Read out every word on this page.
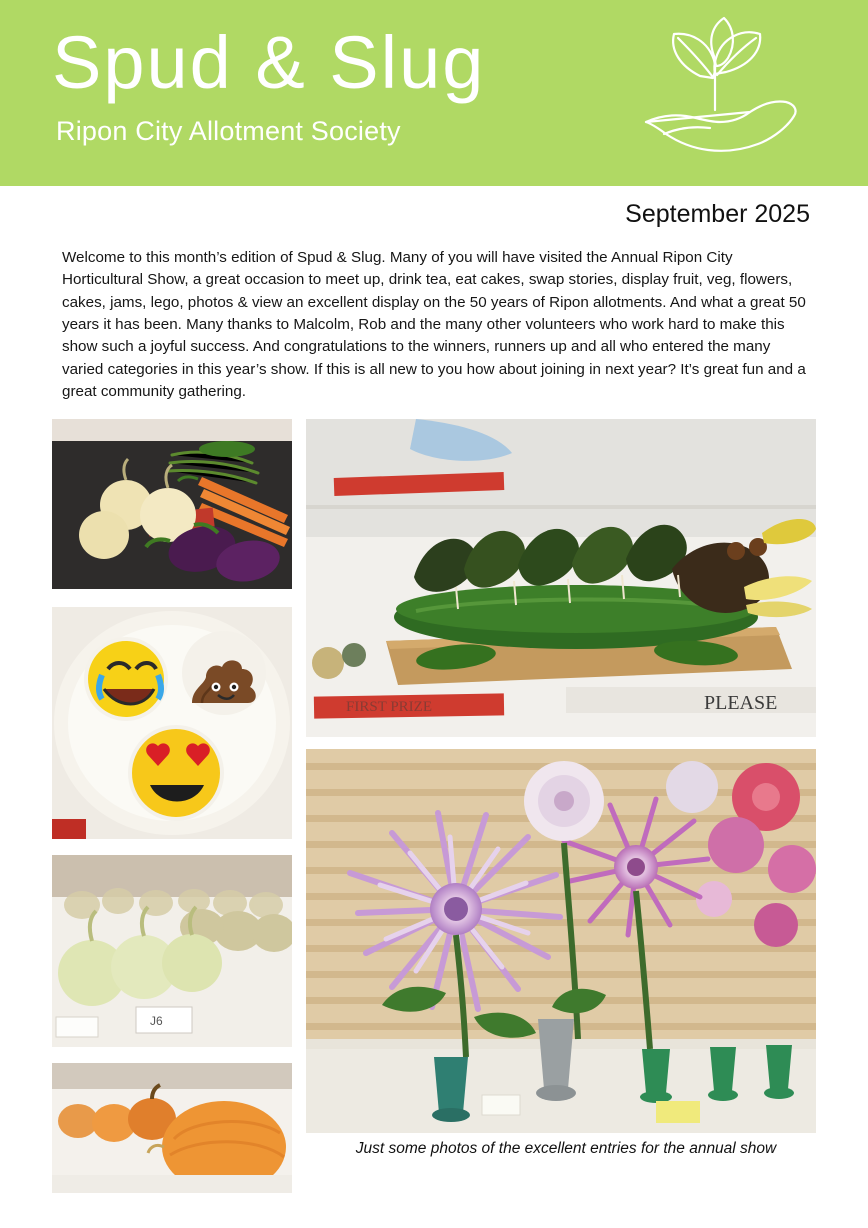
Spud & Slug
Ripon City Allotment Society
September 2025

Welcome to this month’s edition of Spud & Slug. Many of you will have visited the Annual Ripon City Horticultural Show, a great occasion to meet up, drink tea, eat cakes, swap stories, display fruit, veg, flowers, cakes, jams, lego, photos & view an excellent display on the 50 years of Ripon allotments. And what a great 50 years it has been. Many thanks to Malcolm, Rob and the many other volunteers who work hard to make this show such a joyful success. And congratulations to the winners, runners up and all who entered the many varied categories in this year’s show. If this is all new to you how about joining in next year? It’s great fun and a great community gathering.

J6
PLEASE
FIRST PRIZE
Just some photos of the excellent entries for the annual show
